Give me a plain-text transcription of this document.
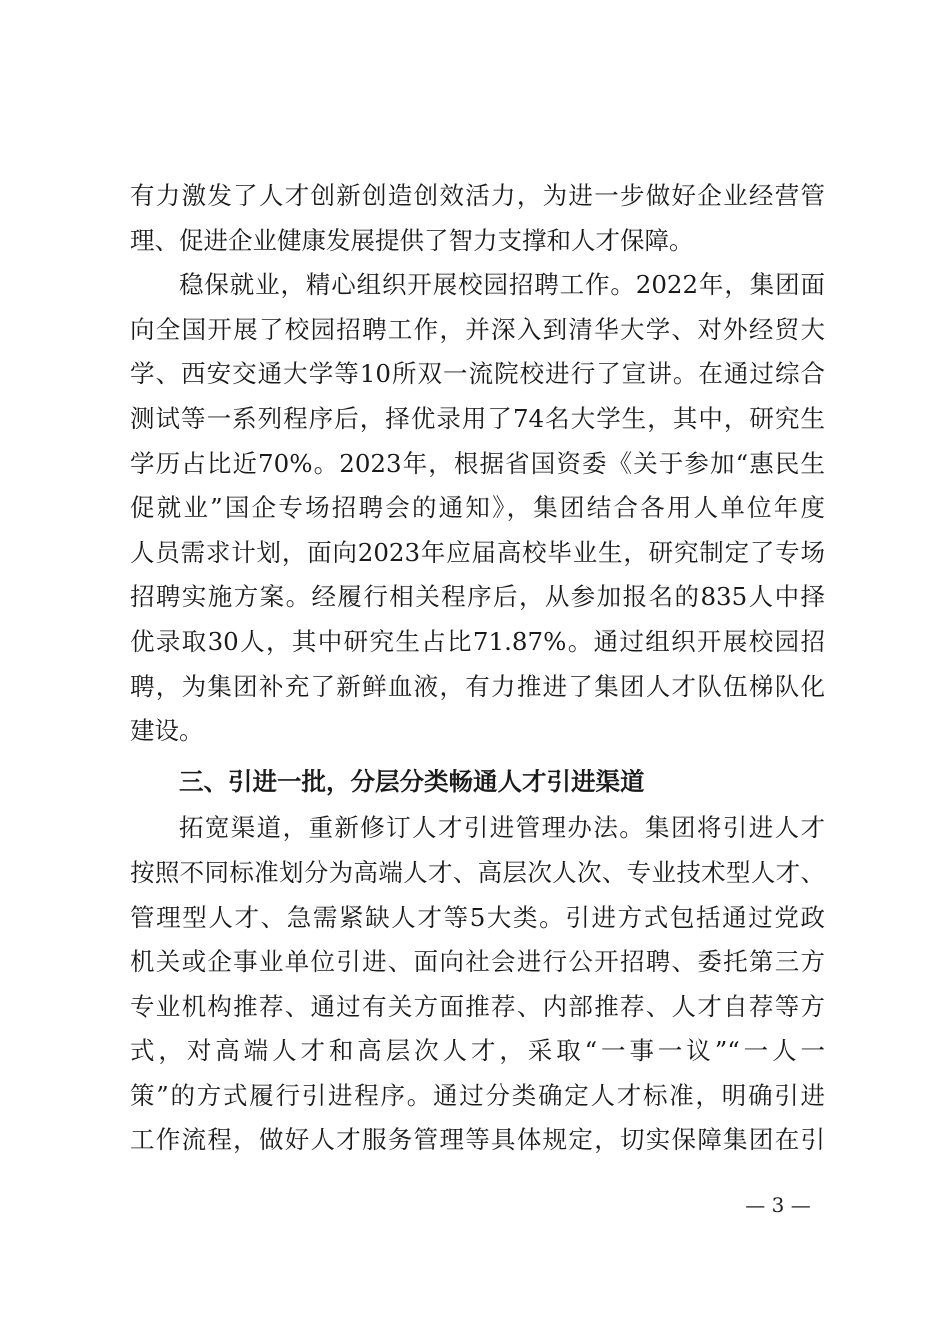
有力激发了人才创新创造创效活力，为进一步做好企业经营管
理、促进企业健康发展提供了智力支撑和人才保障。
稳保就业，精心组织开展校园招聘工作。2022年，集团面
向全国开展了校园招聘工作，并深入到清华大学、对外经贸大
学、西安交通大学等10所双一流院校进行了宣讲。在通过综合
测试等一系列程序后，择优录用了74名大学生，其中，研究生
学历占比近70%。2023年，根据省国资委《关于参加“惠民生
促就业”国企专场招聘会的通知》，集团结合各用人单位年度
人员需求计划，面向2023年应届高校毕业生，研究制定了专场
招聘实施方案。经履行相关程序后，从参加报名的835人中择
优录取30人，其中研究生占比71.87%。通过组织开展校园招
聘，为集团补充了新鲜血液，有力推进了集团人才队伍梯队化
建设。
三、引进一批，分层分类畅通人才引进渠道
拓宽渠道，重新修订人才引进管理办法。集团将引进人才
按照不同标准划分为高端人才、高层次人次、专业技术型人才、
管理型人才、急需紧缺人才等5大类。引进方式包括通过党政
机关或企事业单位引进、面向社会进行公开招聘、委托第三方
专业机构推荐、通过有关方面推荐、内部推荐、人才自荐等方
式，对高端人才和高层次人才，采取“一事一议”“一人一
策”的方式履行引进程序。通过分类确定人才标准，明确引进
工作流程，做好人才服务管理等具体规定，切实保障集团在引
— 3 —
